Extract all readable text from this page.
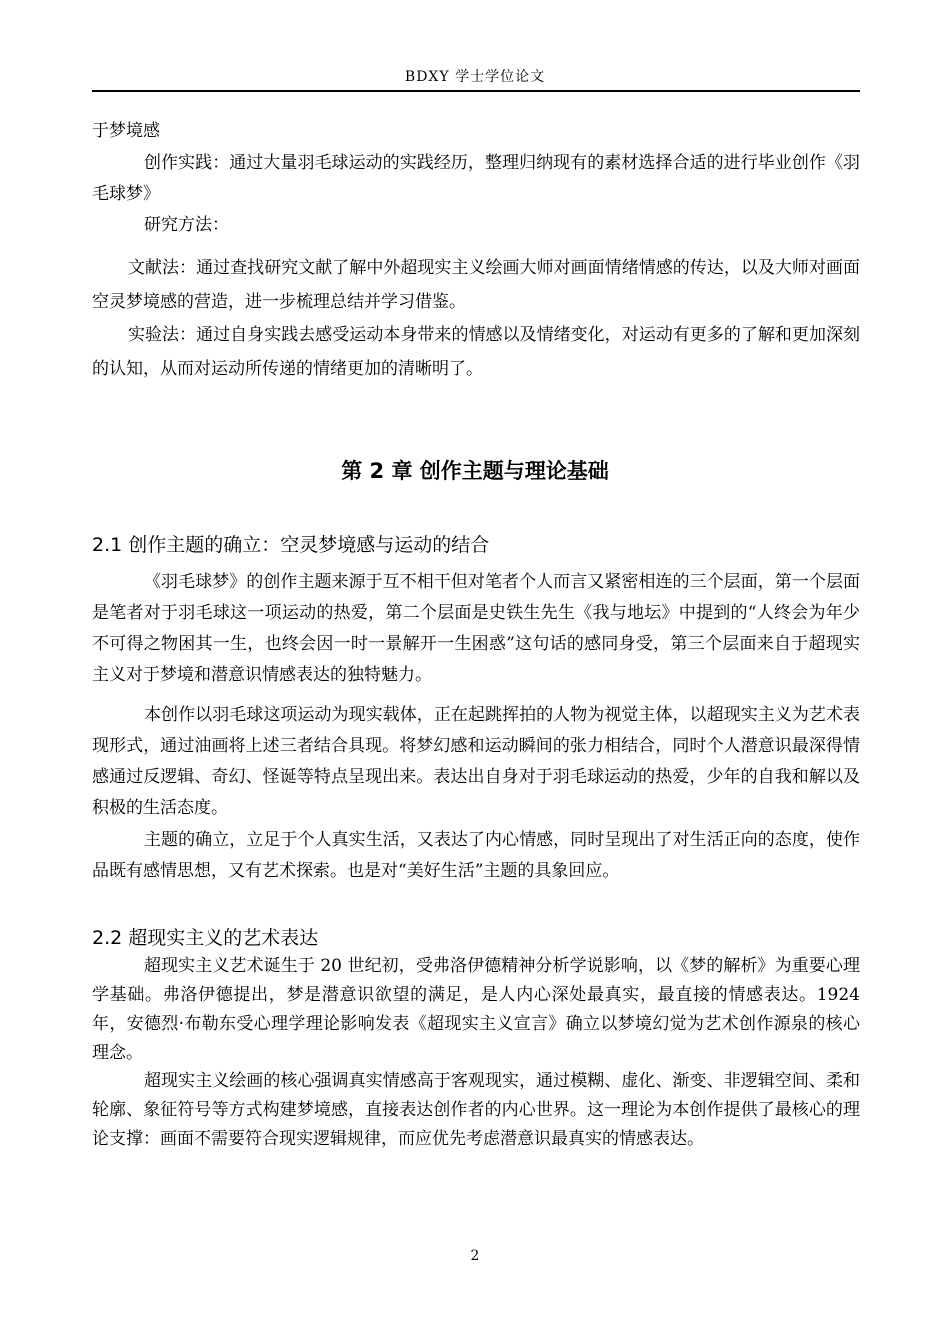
BDXY 学士学位论文

于梦境感

创作实践：通过大量羽毛球运动的实践经历，整理归纳现有的素材选择合适的进行毕业创作《羽毛球梦》

研究方法：

文献法：通过查找研究文献了解中外超现实主义绘画大师对画面情绪情感的传达，以及大师对画面空灵梦境感的营造，进一步梳理总结并学习借鉴。

实验法：通过自身实践去感受运动本身带来的情感以及情绪变化，对运动有更多的了解和更加深刻的认知，从而对运动所传递的情绪更加的清晰明了。

第 2 章 创作主题与理论基础
2.1 创作主题的确立：空灵梦境感与运动的结合

《羽毛球梦》的创作主题来源于互不相干但对笔者个人而言又紧密相连的三个层面，第一个层面是笔者对于羽毛球这一项运动的热爱，第二个层面是史铁生先生《我与地坛》中提到的“人终会为年少不可得之物困其一生，也终会因一时一景解开一生困惑”这句话的感同身受，第三个层面来自于超现实主义对于梦境和潜意识情感表达的独特魅力。

本创作以羽毛球这项运动为现实载体，正在起跳挥拍的人物为视觉主体，以超现实主义为艺术表现形式，通过油画将上述三者结合具现。将梦幻感和运动瞬间的张力相结合，同时个人潜意识最深得情感通过反逻辑、奇幻、怪诞等特点呈现出来。表达出自身对于羽毛球运动的热爱，少年的自我和解以及积极的生活态度。

主题的确立，立足于个人真实生活，又表达了内心情感，同时呈现出了对生活正向的态度，使作品既有感情思想，又有艺术探索。也是对“美好生活”主题的具象回应。

2.2 超现实主义的艺术表达

超现实主义艺术诞生于 20 世纪初，受弗洛伊德精神分析学说影响，以《梦的解析》为重要心理学基础。弗洛伊德提出，梦是潜意识欲望的满足，是人内心深处最真实，最直接的情感表达。1924 年，安德烈·布勒东受心理学理论影响发表《超现实主义宣言》确立以梦境幻觉为艺术创作源泉的核心理念。

超现实主义绘画的核心强调真实情感高于客观现实，通过模糊、虚化、渐变、非逻辑空间、柔和轮廓、象征符号等方式构建梦境感，直接表达创作者的内心世界。这一理论为本创作提供了最核心的理论支撑：画面不需要符合现实逻辑规律，而应优先考虑潜意识最真实的情感表达。

2
